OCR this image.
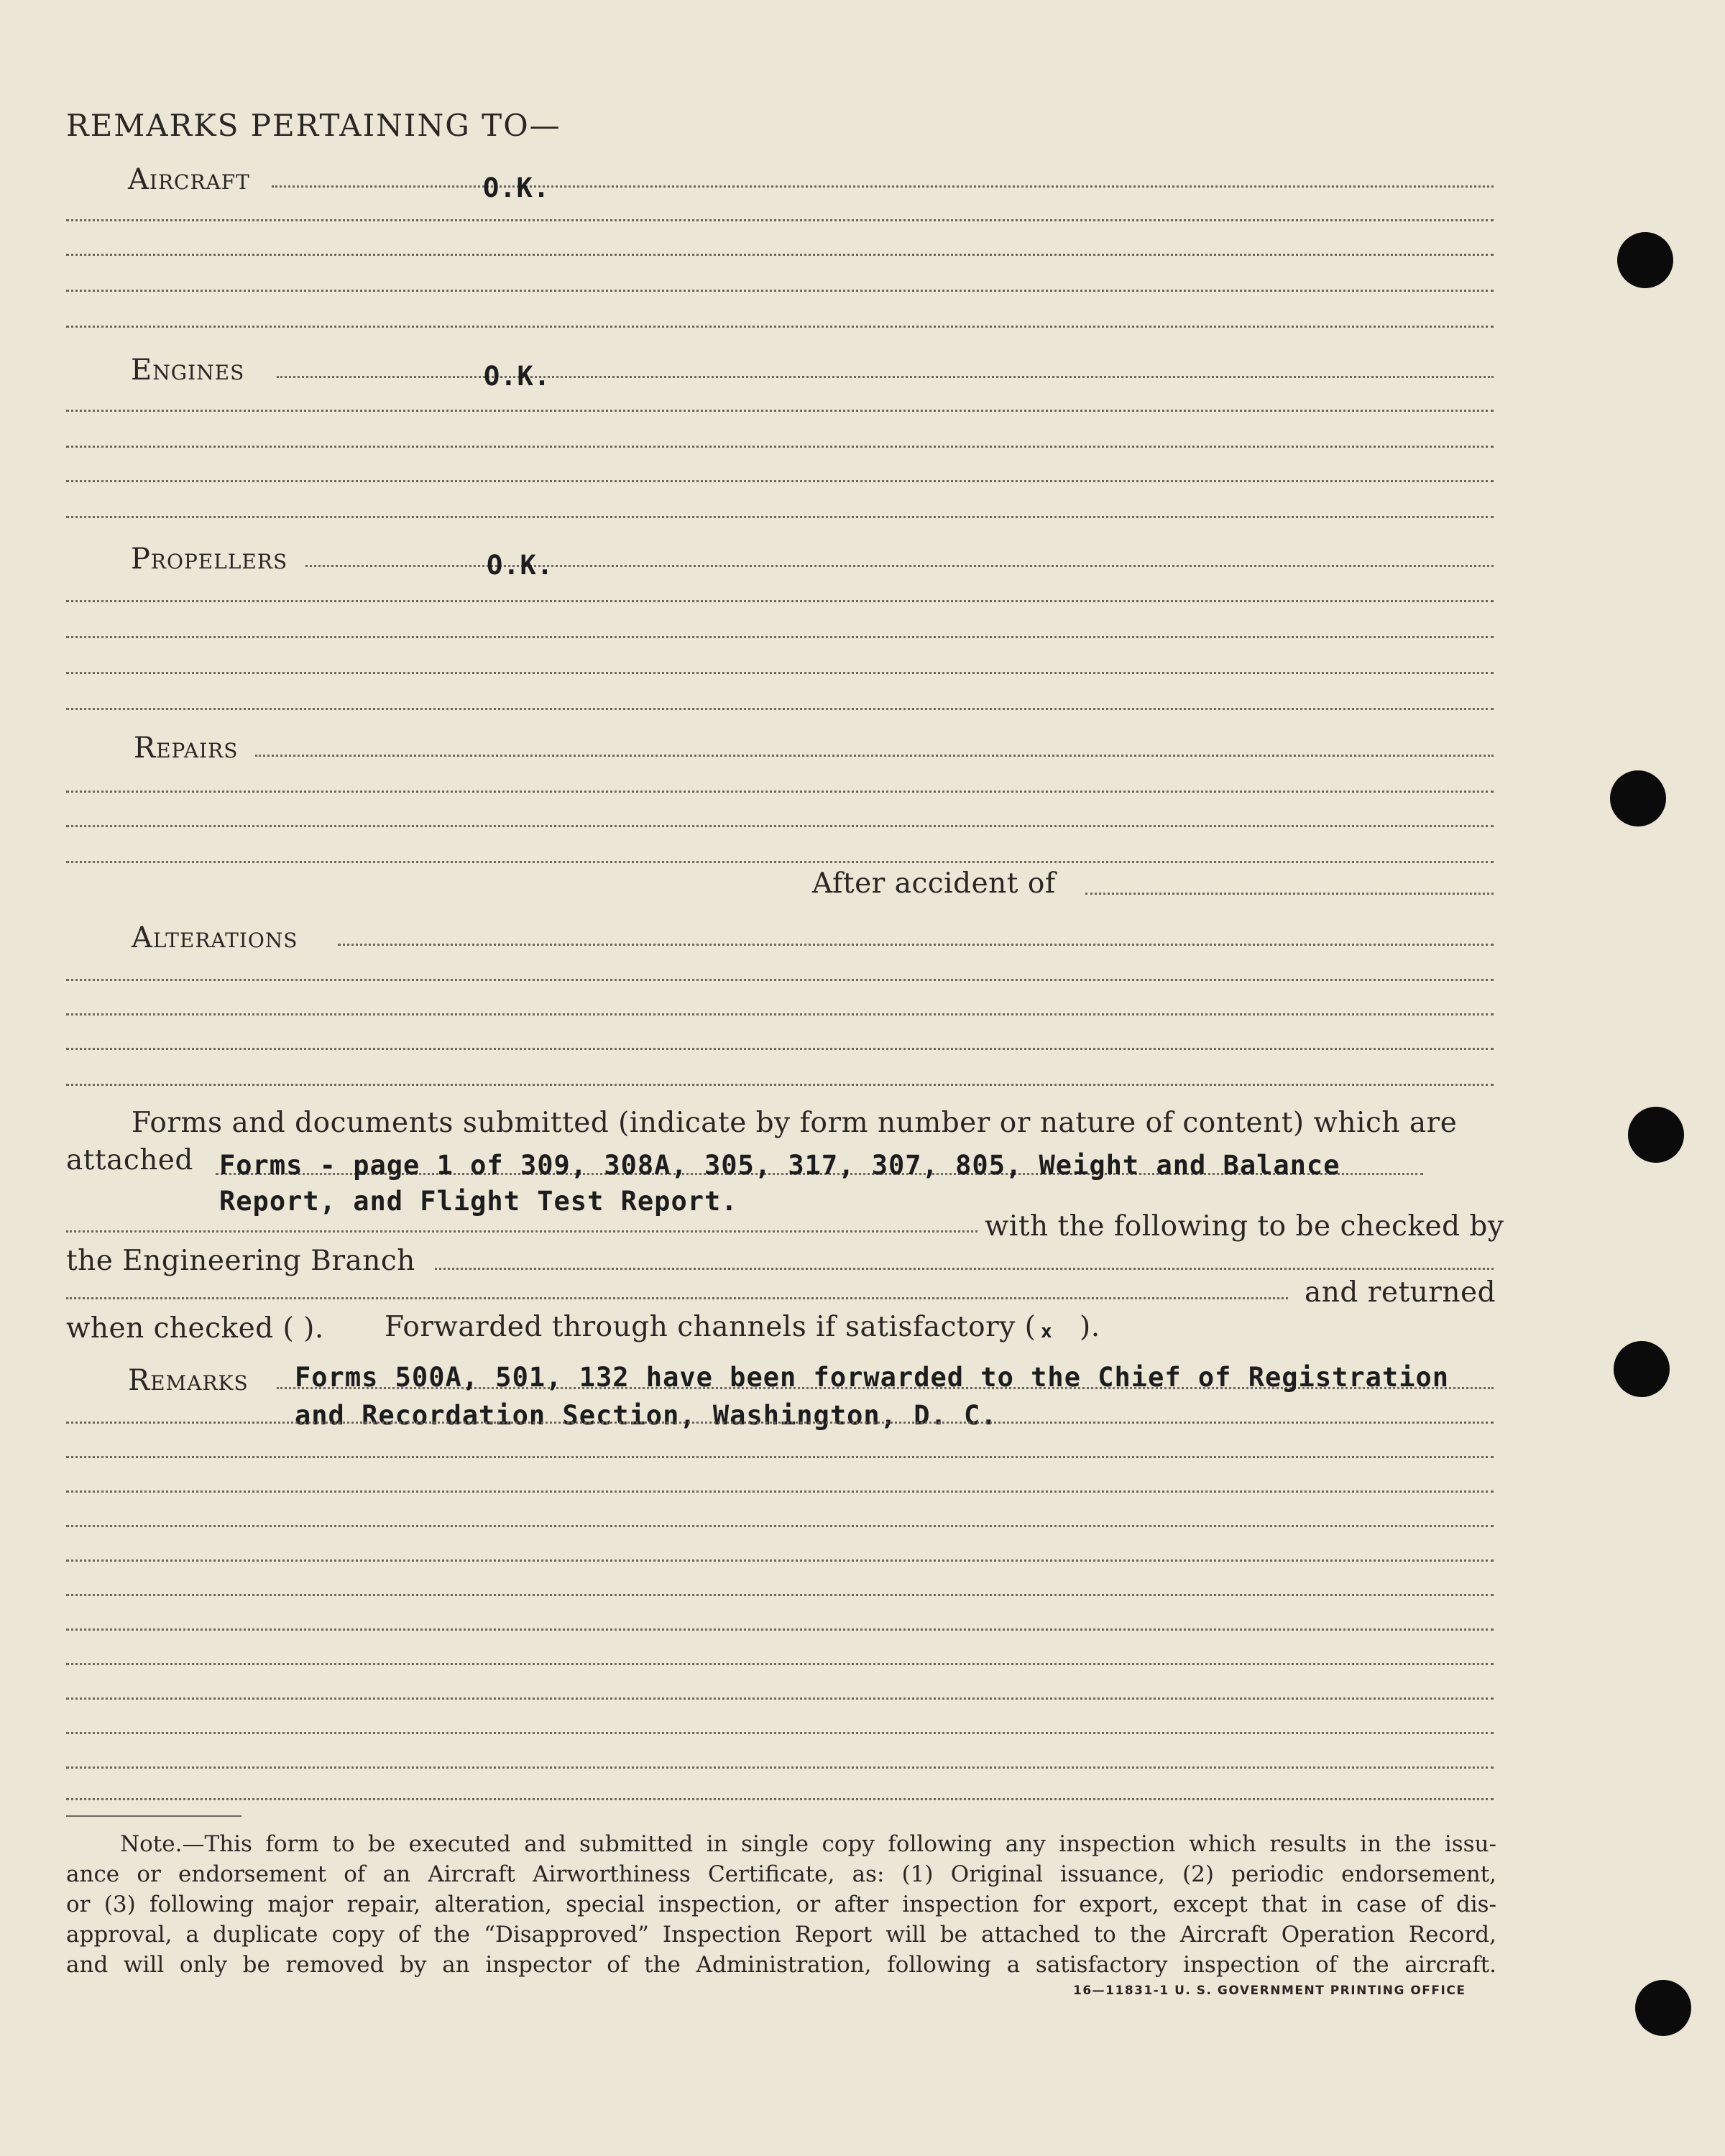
REMARKS PERTAINING TO—
Aircraft	O.K.
Engines	O.K.
Propellers	O.K.
Repairs
After accident of
Alterations
Forms and documents submitted (indicate by form number or nature of content) which are
attached Forms - page 1 of 309, 308A, 305, 317, 307, 805, Weight and Balance
Report, and Flight Test Report.
with the following to be checked by
the Engineering Branch
and returned
when checked ( ). Forwarded through channels if satisfactory ( x ).
Remarks Forms 500A, 501, 132 have been forwarded to the Chief of Registration
and Recordation Section, Washington, D. C.
Note.—This form to be executed and submitted in single copy following any inspection which results in the issu-
ance or endorsement of an Aircraft Airworthiness Certificate, as: (1) Original issuance, (2) periodic endorsement,
or (3) following major repair, alteration, special inspection, or after inspection for export, except that in case of dis-
approval, a duplicate copy of the “Disapproved” Inspection Report will be attached to the Aircraft Operation Record,
and will only be removed by an inspector of the Administration, following a satisfactory inspection of the aircraft.
16—11831-1 U. S. GOVERNMENT PRINTING OFFICE
